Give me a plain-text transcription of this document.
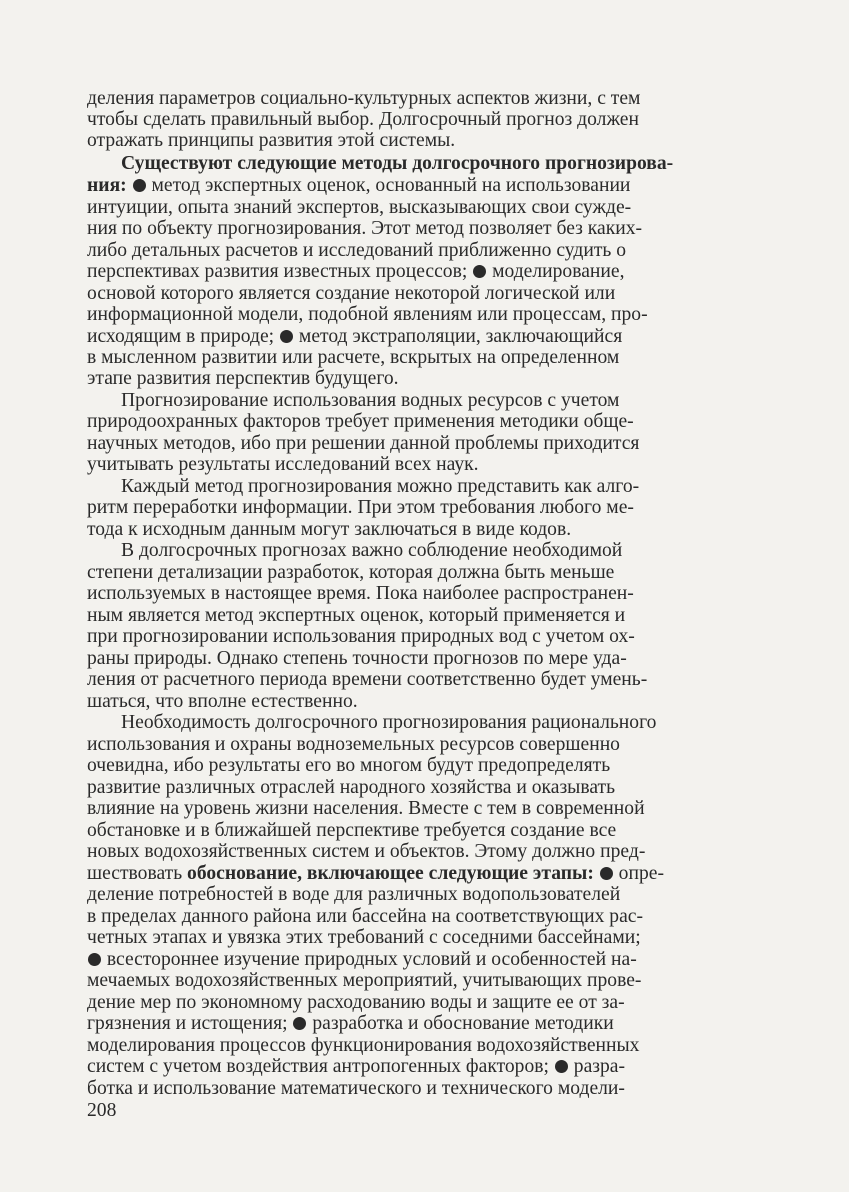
деления параметров социально-культурных аспектов жизни, с тем
чтобы сделать правильный выбор. Долгосрочный прогноз должен
отражать принципы развития этой системы.
Существуют следующие методы долгосрочного прогнозирова-
ния:  метод экспертных оценок, основанный на использовании
интуиции, опыта знаний экспертов, высказывающих свои сужде-
ния по объекту прогнозирования. Этот метод позволяет без каких-
либо детальных расчетов и исследований приближенно судить о
перспективах развития известных процессов;  моделирование,
основой которого является создание некоторой логической или
информационной модели, подобной явлениям или процессам, про-
исходящим в природе;  метод экстраполяции, заключающийся
в мысленном развитии или расчете, вскрытых на определенном
этапе развития перспектив будущего.
Прогнозирование использования водных ресурсов с учетом
природоохранных факторов требует применения методики обще-
научных методов, ибо при решении данной проблемы приходится
учитывать результаты исследований всех наук.
Каждый метод прогнозирования можно представить как алго-
ритм переработки информации. При этом требования любого ме-
тода к исходным данным могут заключаться в виде кодов.
В долгосрочных прогнозах важно соблюдение необходимой
степени детализации разработок, которая должна быть меньше
используемых в настоящее время. Пока наиболее распространен-
ным является метод экспертных оценок, который применяется и
при прогнозировании использования природных вод с учетом ох-
раны природы. Однако степень точности прогнозов по мере уда-
ления от расчетного периода времени соответственно будет умень-
шаться, что вполне естественно.
Необходимость долгосрочного прогнозирования рационального
использования и охраны водноземельных ресурсов совершенно
очевидна, ибо результаты его во многом будут предопределять
развитие различных отраслей народного хозяйства и оказывать
влияние на уровень жизни населения. Вместе с тем в современной
обстановке и в ближайшей перспективе требуется создание все
новых водохозяйственных систем и объектов. Этому должно пред-
шествовать обоснование, включающее следующие этапы:  опре-
деление потребностей в воде для различных водопользователей
в пределах данного района или бассейна на соответствующих рас-
четных этапах и увязка этих требований с соседними бассейнами;
всестороннее изучение природных условий и особенностей на-
мечаемых водохозяйственных мероприятий, учитывающих прове-
дение мер по экономному расходованию воды и защите ее от за-
грязнения и истощения;  разработка и обоснование методики
моделирования процессов функционирования водохозяйственных
систем с учетом воздействия антропогенных факторов;  разра-
ботка и использование математического и технического модели-
208
